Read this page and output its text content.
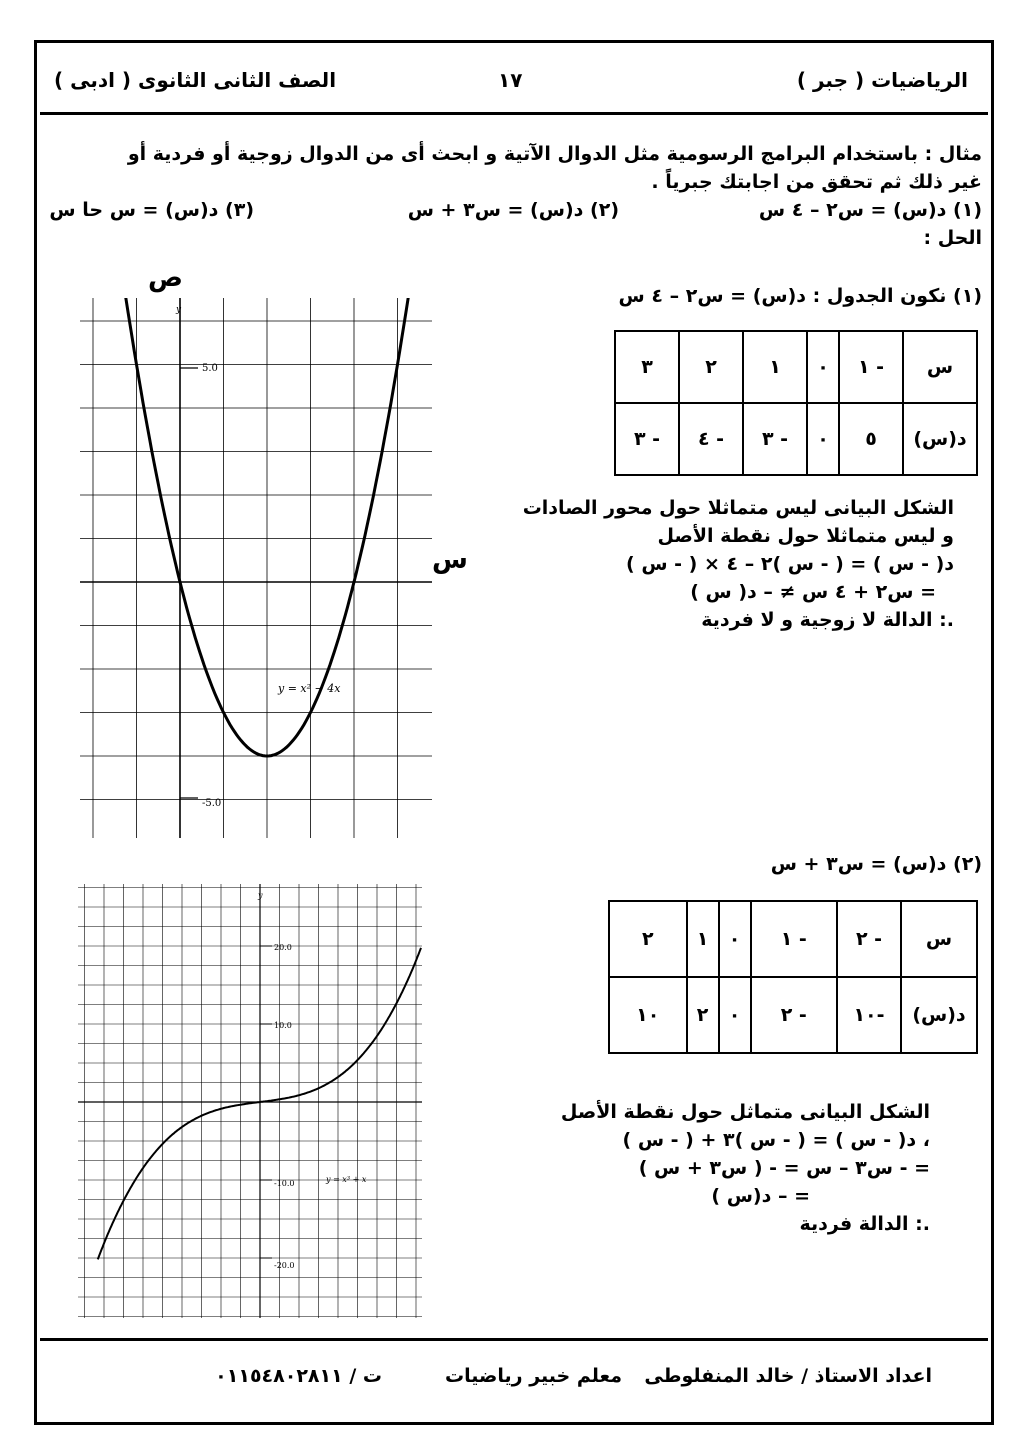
الرياضيات ( جبر )
١٧
الصف الثانى الثانوى ( ادبى )
مثال : باستخدام البرامج الرسومية مثل الدوال الآتية و ابحث أى من الدوال زوجية أو فردية أو
غير ذلك ثم تحقق من اجابتك جبرياً .
(١) د(س) = س٢ – ٤ س
(٢) د(س) = س٣ + س
(٣) د(س) = س حا س
الحل :
(١) نكون الجدول : د(س) = س٢ – ٤ س
س	- ١	٠	١	٢	٣
د(س)	٥	٠	- ٣	- ٤	- ٣
الشكل البيانى ليس متماثلا حول محور الصادات
و ليس متماثلا حول نقطة الأصل
د( - س ) = ( - س )٢ – ٤ × ( - س )
= س٢ + ٤ س ≠ – د( س )
.: الدالة لا زوجية و لا فردية
y
5.0
-5.0
y = x² − 4x
ص
س
(٢) د(س) = س٣ + س
س	- ٢	- ١	٠	١	٢
د(س)	-١٠	- ٢	٠	٢	١٠
الشكل البيانى متماثل حول نقطة الأصل
، د( - س ) = ( - س )٣ + ( - س )
= - س٣ – س = - ( س٣ + س )
= – د(س )
.: الدالة فردية
y
20.0
10.0
-10.0
-20.0
y = x³ + x
اعداد الاستاذ / خالد المنفلوطى
معلم خبير رياضيات
ت / ٠١١٥٤٨٠٢٨١١
